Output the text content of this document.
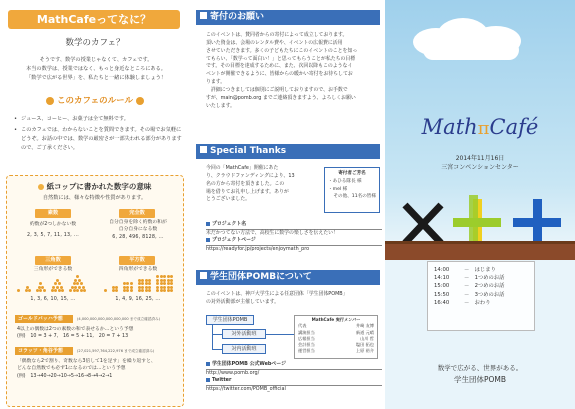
MathCafeってなに？
数学のカフェ？

そうです、数学の授業じゃなくて、カフェです。

本当の数学は、授業ではなく、もっと身近なところにある。

「数学で広がる世界」を、私たちと一緒に体験しましょう！

このカフェのルール
• ジュース、コーヒー、お菓子は全て無料です。
• このカフェでは、わからないことを質問できます。その場でお気軽にどうぞ。お話の中では、数学の厳密さが一部失われる部分がありますので、ご了承ください。
紙コップに書かれた数字の意味
自然数には、様々な特徴や性質があります。
素数
約数が2つしかない数
2, 3, 5, 7, 11, 13, ...
完全数
自分自身を除く約数の和が
自分自身になる数
6, 28, 496, 8128, ...
三角数
三角形ができる数
1, 3, 6, 10, 15, ...
平方数
四角形ができる数
1, 4, 9, 16, 25, ...
ゴールドバッハ予想	(4,000,000,000,000,000,000 まで成立確認済み)
4以上の偶数は2つの素数の和で表せるか…という予想
(例)　10 = 3 + 7,　16 = 5 + 11,　20 = 7 + 13
コラッツ・角谷予想	(27,021,597,764,222,976 まで成立確認済み)
「偶数なら2で割り、奇数なら3倍して1を足す」を繰り返すと、
どんな自然数でも必ず1になるのでは…という予想
(例)　13→40→20→10→5→16→8→4→2→1
寄付のお願い
このイベントは、賛同者からの寄付によって成立しております。
頂いた資金は、会場のレンタル費や、イベントの広報費に活用
させていただきます。多くの子どもたちにこのイベントのことを知っ
てもらい、「数学って面白い！」と思ってもらうことが私たちの目標
です。その目標を達成するために、また、次回以降もこのようなイ
ベントが開催できるように、皆様からの暖かい寄付をお待ちしてお
ります。
　詳細につきましては個別にご説明しておりますので、お手数で
すが、main@pomb.org までご連絡頂きますよう、よろしくお願い
いたします。
Special Thanks
今回の「MathCafe」開催にあた
り、クラウドファンディングにより、13
名の方から寄付を頂きました。この
場を借りてお礼申し上げます。ありが
とうございました。
寄付者ご芳名
・あひる隊長 様
・mel 様
その他、11名の皆様
プロジェクト名
未だかつてない方法で、高校生に数学の楽しさを伝えたい！
プロジェクトページ
https://readyfor.jp/projects/enjoymath_pro
学生団体POMBについて
このイベントは、神戸大学生による任意団体「学生団体POMB」
の対外活動部が主催しています。
学生団体POMB
対外活動班
対内活動班
MathCafe 実行メンバー
代表	井﨑 友博
講演担当	新道 元晴
広報担当	山川 哲
会計担当	塩田 拓也
運営担当	上原 裕介
学生団体POMB 公式Webページ
http://www.pomb.org/
Twitter
https://twitter.com/POMB_official
MathπCafé
2014年11月16日
三宮コンベンションセンター
14:00	－　はじまり
14:10	－　1つめのお話
15:00	－　2つめのお話
15:50	－　3つめのお話
16:40	－　おわり
数学で広がる、世界がある。
学生団体POMB
